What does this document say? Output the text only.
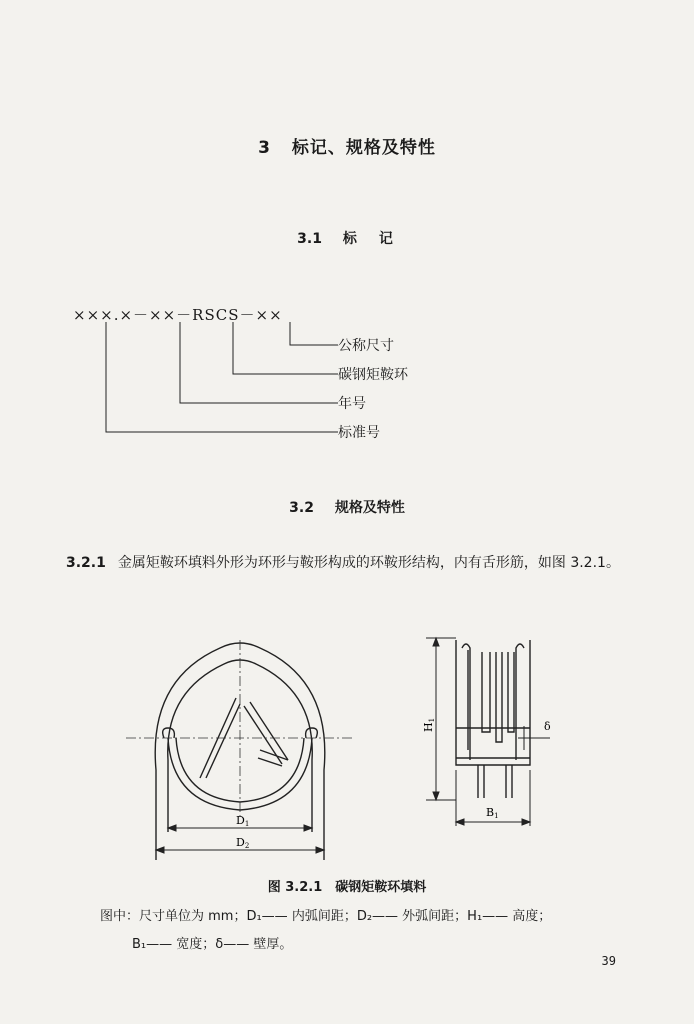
3 标记、规格及特性
3.1 标　记
×××.×－××－RSCS－××
公称尺寸
碳钢矩鞍环
年号
标准号
3.2 规格及特性
3.2.1 金属矩鞍环填料外形为环形与鞍形构成的环鞍形结构，内有舌形筋，如图 3.2.1。
D1
D2
H1
B1
δ
图 3.2.1　碳钢矩鞍环填料
图中：尺寸单位为 mm；D₁—— 内弧间距；D₂—— 外弧间距；H₁—— 高度；
B₁—— 宽度；δ—— 壁厚。
39
